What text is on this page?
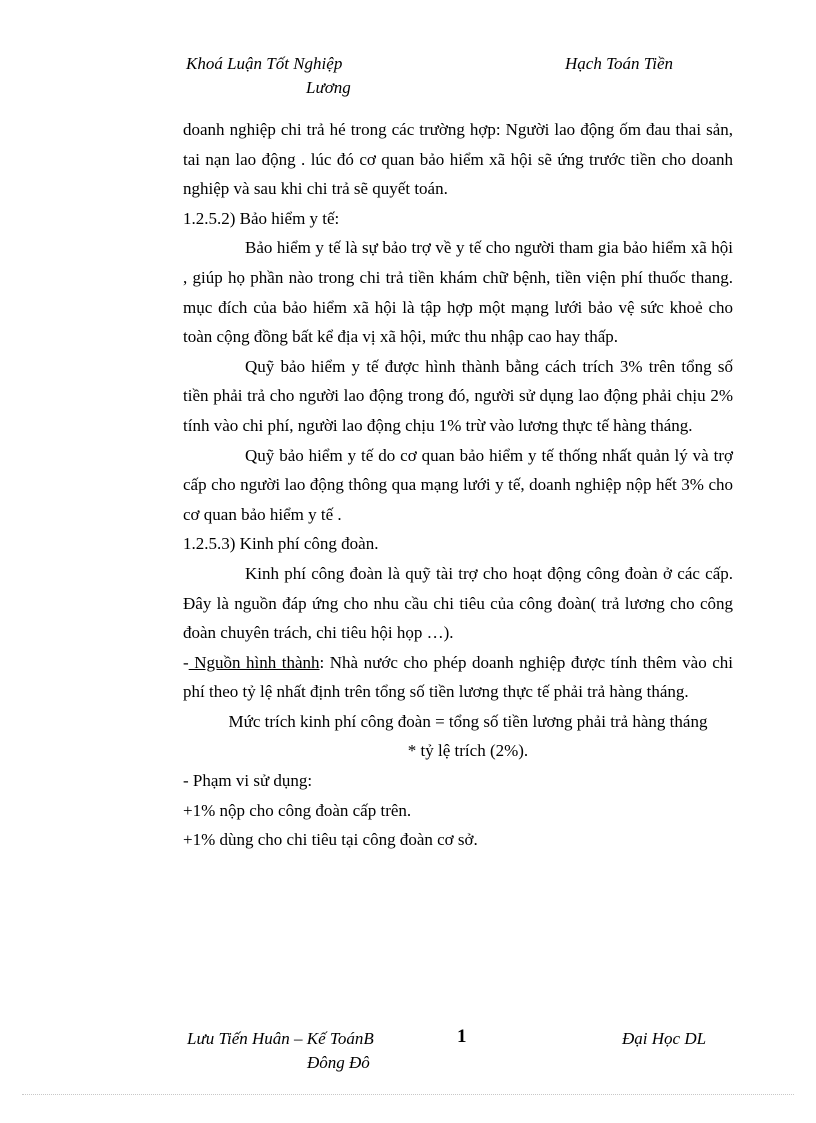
Khoá Luận Tốt Nghiệp
Lương
Hạch Toán Tiền

doanh nghiệp chi trả hé trong các trường hợp: Người lao động ốm đau thai sản, tai nạn lao động . lúc đó cơ quan bảo hiểm xã hội sẽ ứng trước tiền cho doanh nghiệp và sau khi chi trả sẽ quyết toán.

1.2.5.2) Bảo hiểm y tế:

Bảo hiểm y tế là sự bảo trợ về y tế cho người tham gia bảo hiểm xã hội , giúp họ phần nào trong chi trả tiền khám chữ bệnh, tiền viện phí thuốc thang. mục đích của bảo hiểm xã hội là tập hợp một mạng lưới bảo vệ sức khoẻ cho toàn cộng đồng bất kể địa vị xã hội, mức thu nhập cao hay thấp.

Quỹ bảo hiểm y tế được hình thành bằng cách trích 3% trên tổng số tiền phải trả cho người lao động trong đó, người sử dụng lao động phải chịu 2% tính vào chi phí, người lao động chịu 1% trừ vào lương thực tế hàng tháng.

Quỹ bảo hiểm y tế do cơ quan bảo hiểm y tế thống nhất quản lý và trợ cấp cho người lao động thông qua mạng lưới y tế, doanh nghiệp nộp hết 3% cho cơ quan bảo hiểm y tế .

1.2.5.3) Kinh phí công đoàn.

Kinh phí công đoàn là quỹ tài trợ cho hoạt động công đoàn ở các cấp. Đây là nguồn đáp ứng cho nhu cầu chi tiêu của công đoàn( trả lương cho công đoàn chuyên trách, chi tiêu hội họp …).

- Nguồn hình thành: Nhà nước cho phép doanh nghiệp được tính thêm vào chi phí theo tỷ lệ nhất định trên tổng số tiền lương thực tế phải trả hàng tháng.

Mức trích kinh phí công đoàn = tổng số tiền lương phải trả hàng tháng

* tỷ lệ trích (2%).

- Phạm vi sử dụng:

+1% nộp cho công đoàn cấp trên.

+1% dùng cho chi tiêu tại công đoàn cơ sở.

Lưu Tiến Huân – Kế ToánB
Đông Đô
1	Đại Học DL
